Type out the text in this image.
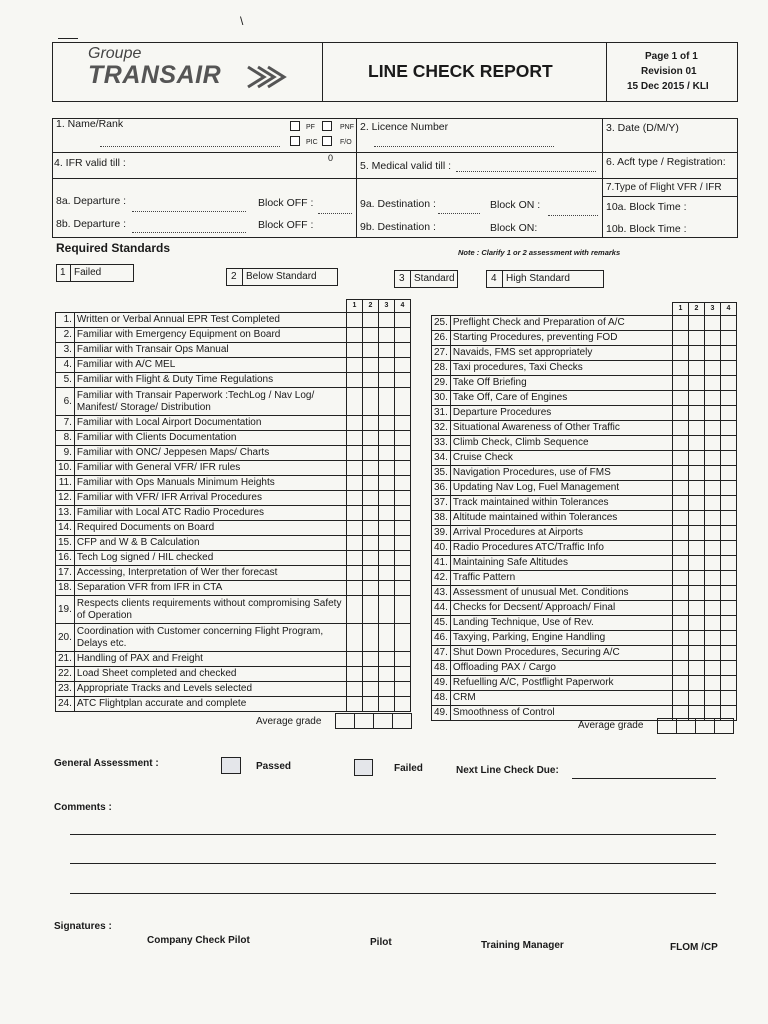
\
Groupe
TRANSAIR	LINE CHECK REPORT
Page 1 of 1
Revision 01
15 Dec 2015 / KLI
1. Name/Rank	PF	PNF
PIC	F/O
2. Licence Number	3. Date (D/M/Y)
4. IFR valid till :	0
5. Medical valid till :	6. Acft type / Registration:
7.Type of Flight VFR / IFR
8a. Departure :	Block OFF :	9a. Destination :	Block ON :	10a. Block Time :
8b. Departure :	Block OFF :	9b. Destination :	Block ON:	10b. Block Time :
Required Standards	Note : Clarify 1 or 2 assessment with remarks
1 Failed	2 Below Standard	3 Standard	4 High Standard
		1	2	3	4
1.	Written or Verbal Annual EPR Test Completed				
2.	Familiar with Emergency Equipment on Board				
3.	Familiar with Transair Ops Manual				
4.	Familiar with A/C MEL				
5.	Familiar with Flight & Duty Time Regulations				
6.	Familiar with Transair Paperwork :TechLog / Nav Log/ Manifest/ Storage/ Distribution				
7.	Familiar with Local Airport Documentation				
8.	Familiar with Clients Documentation				
9.	Familiar with ONC/ Jeppesen Maps/ Charts				
10.	Familiar with General VFR/ IFR rules				
11.	Familiar with Ops Manuals Minimum Heights				
12.	Familiar with VFR/ IFR Arrival Procedures				
13.	Familiar with Local ATC Radio Procedures				
14.	Required Documents on Board				
15.	CFP and W & B Calculation				
16.	Tech Log signed / HIL checked				
17.	Accessing, Interpretation of Wer ther forecast				
18.	Separation VFR from IFR in CTA				
19.	Respects clients requirements without compromising Safety of Operation				
20.	Coordination with Customer concerning Flight Program, Delays etc.				
21.	Handling of PAX and Freight				
22.	Load Sheet completed and checked				
23.	Appropriate Tracks and Levels selected				
24.	ATC Flightplan accurate and complete				
Average grade
		1	2	3	4
25.	Preflight Check and Preparation of A/C				
26.	Starting Procedures, preventing FOD				
27.	Navaids, FMS set appropriately				
28.	Taxi procedures, Taxi Checks				
29.	Take Off Briefing				
30.	Take Off, Care of Engines				
31.	Departure Procedures				
32.	Situational Awareness of Other Traffic				
33.	Climb Check, Climb Sequence				
34.	Cruise Check				
35.	Navigation Procedures, use of FMS				
36.	Updating Nav Log, Fuel Management				
37.	Track maintained within Tolerances				
38.	Altitude maintained within Tolerances				
39.	Arrival Procedures at Airports				
40.	Radio Procedures ATC/Traffic Info				
41.	Maintaining Safe Altitudes				
42.	Traffic Pattern				
43.	Assessment of unusual Met. Conditions				
44.	Checks for Decsent/ Approach/ Final				
45.	Landing Technique, Use of Rev.				
46.	Taxying, Parking, Engine Handling				
47.	Shut Down Procedures, Securing A/C				
48.	Offloading PAX / Cargo				
49.	Refuelling A/C, Postflight Paperwork				
48.	CRM				
49.	Smoothness of Control				
Average grade
General Assessment :	Passed	Failed	Next Line Check Due:
Comments :
Signatures :
Company Check Pilot	Pilot	Training Manager	FLOM /CP
